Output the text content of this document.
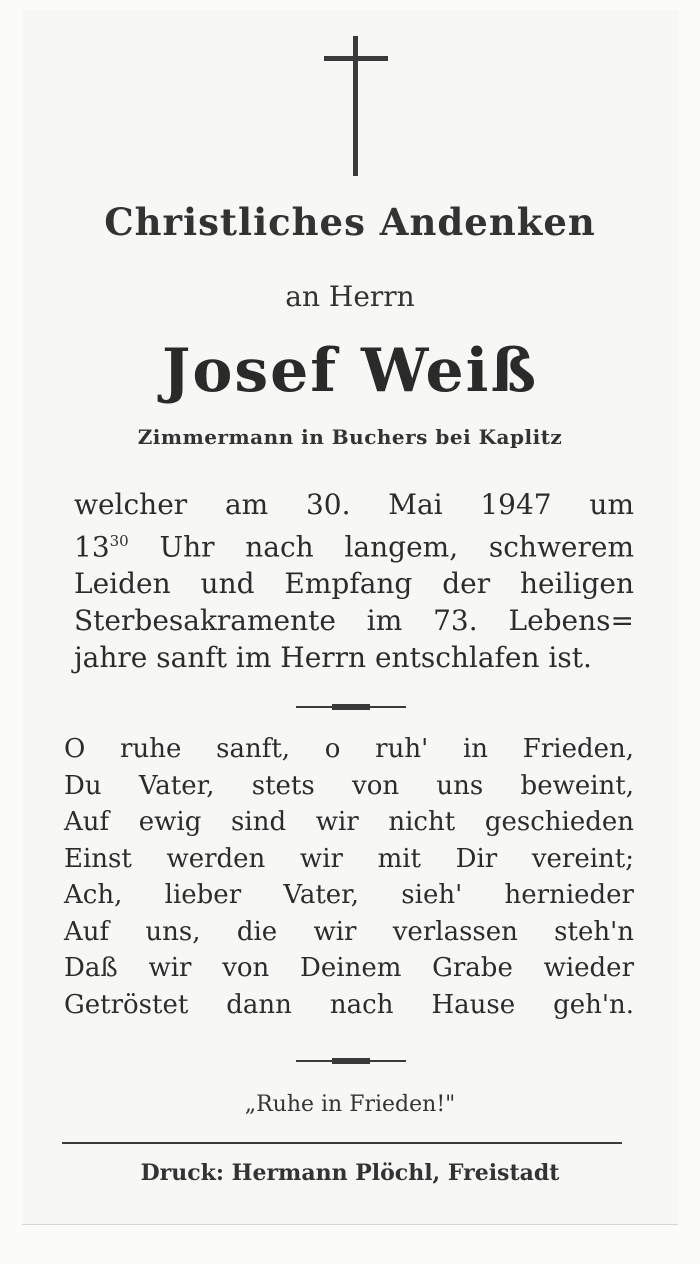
Christliches Andenken
an Herrn
Josef Weiß
Zimmermann in Buchers bei Kaplitz
welcher am 30. Mai 1947 um
$13^{30}$ Uhr nach langem, schwerem
Leiden und Empfang der heiligen
Sterbesakramente im 73. Lebens=
jahre sanft im Herrn entschlafen ist.
O ruhe sanft, o ruh' in Frieden,
Du Vater, stets von uns beweint,
Auf ewig sind wir nicht geschieden
Einst werden wir mit Dir vereint;
Ach, lieber Vater, sieh' hernieder
Auf uns, die wir verlassen steh'n
Daß wir von Deinem Grabe wieder
Getröstet dann nach Hause geh'n.
„Ruhe in Frieden!"
Druck: Hermann Plöchl, Freistadt
